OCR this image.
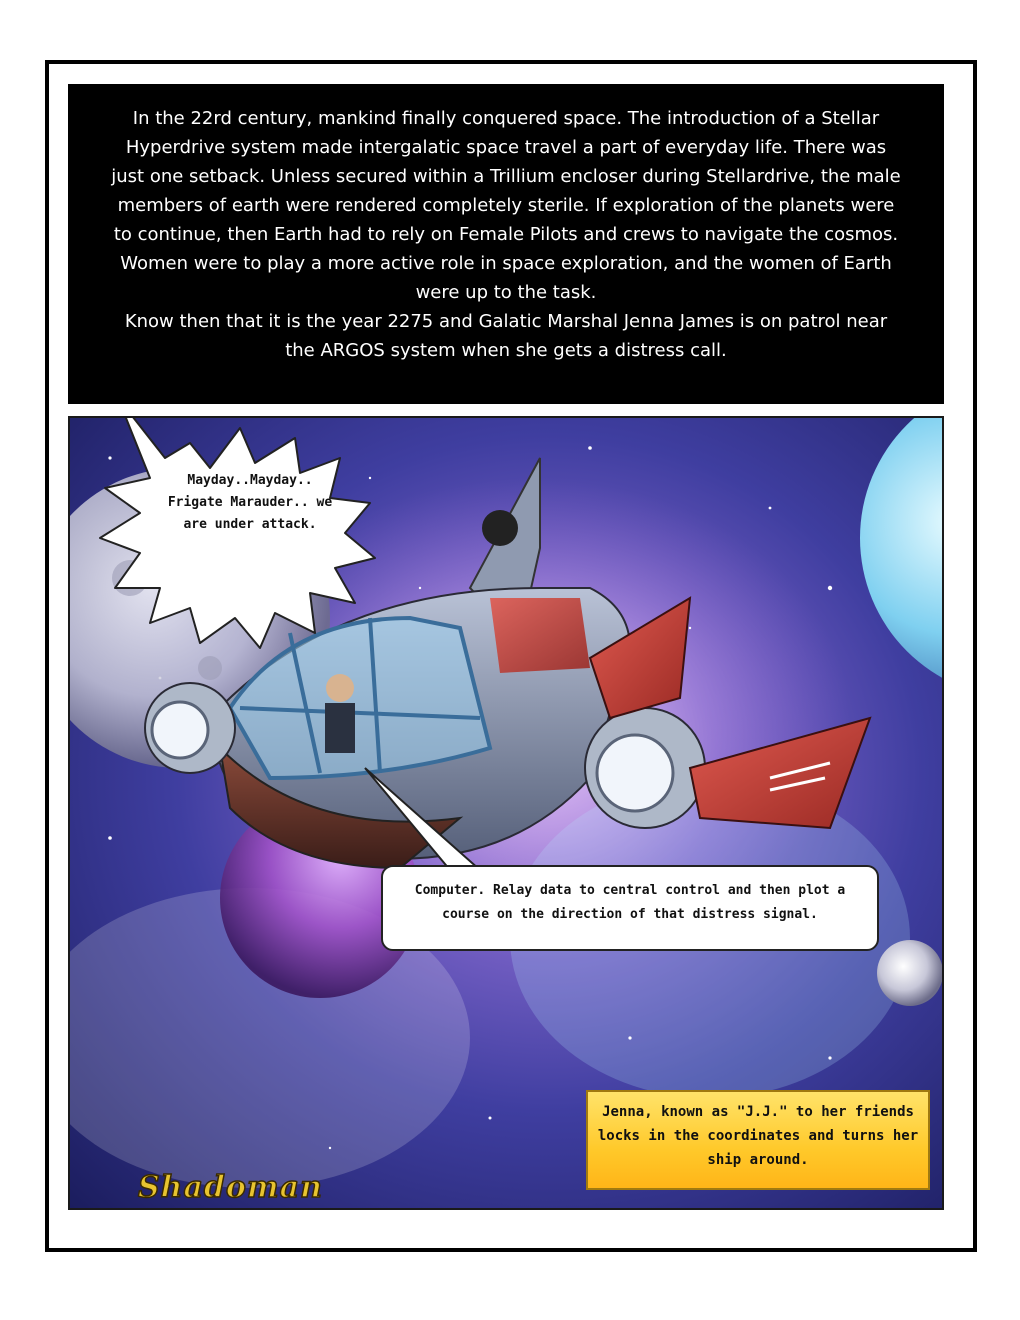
In the 22rd century, mankind finally conquered space. The introduction of a Stellar

Hyperdrive system made intergalatic space travel a part of everyday life. There was

just one setback. Unless secured within a Trillium encloser during Stellardrive, the male

members of earth were rendered completely sterile. If exploration of the planets were

to continue, then Earth had to rely on Female Pilots and crews to navigate the cosmos.

Women were to play a more active role in space exploration, and the women of Earth

were up to the task.

Know then that it is the year 2275 and Galatic Marshal Jenna James is on patrol near

the ARGOS system when she gets a distress call.

Mayday..Mayday..
Frigate Marauder.. we
are under attack.
Computer. Relay data to central control and then plot a
course on the direction of that distress signal.
Jenna, known as "J.J." to her friends
locks in the coordinates and turns her
ship around.
Shadoman
